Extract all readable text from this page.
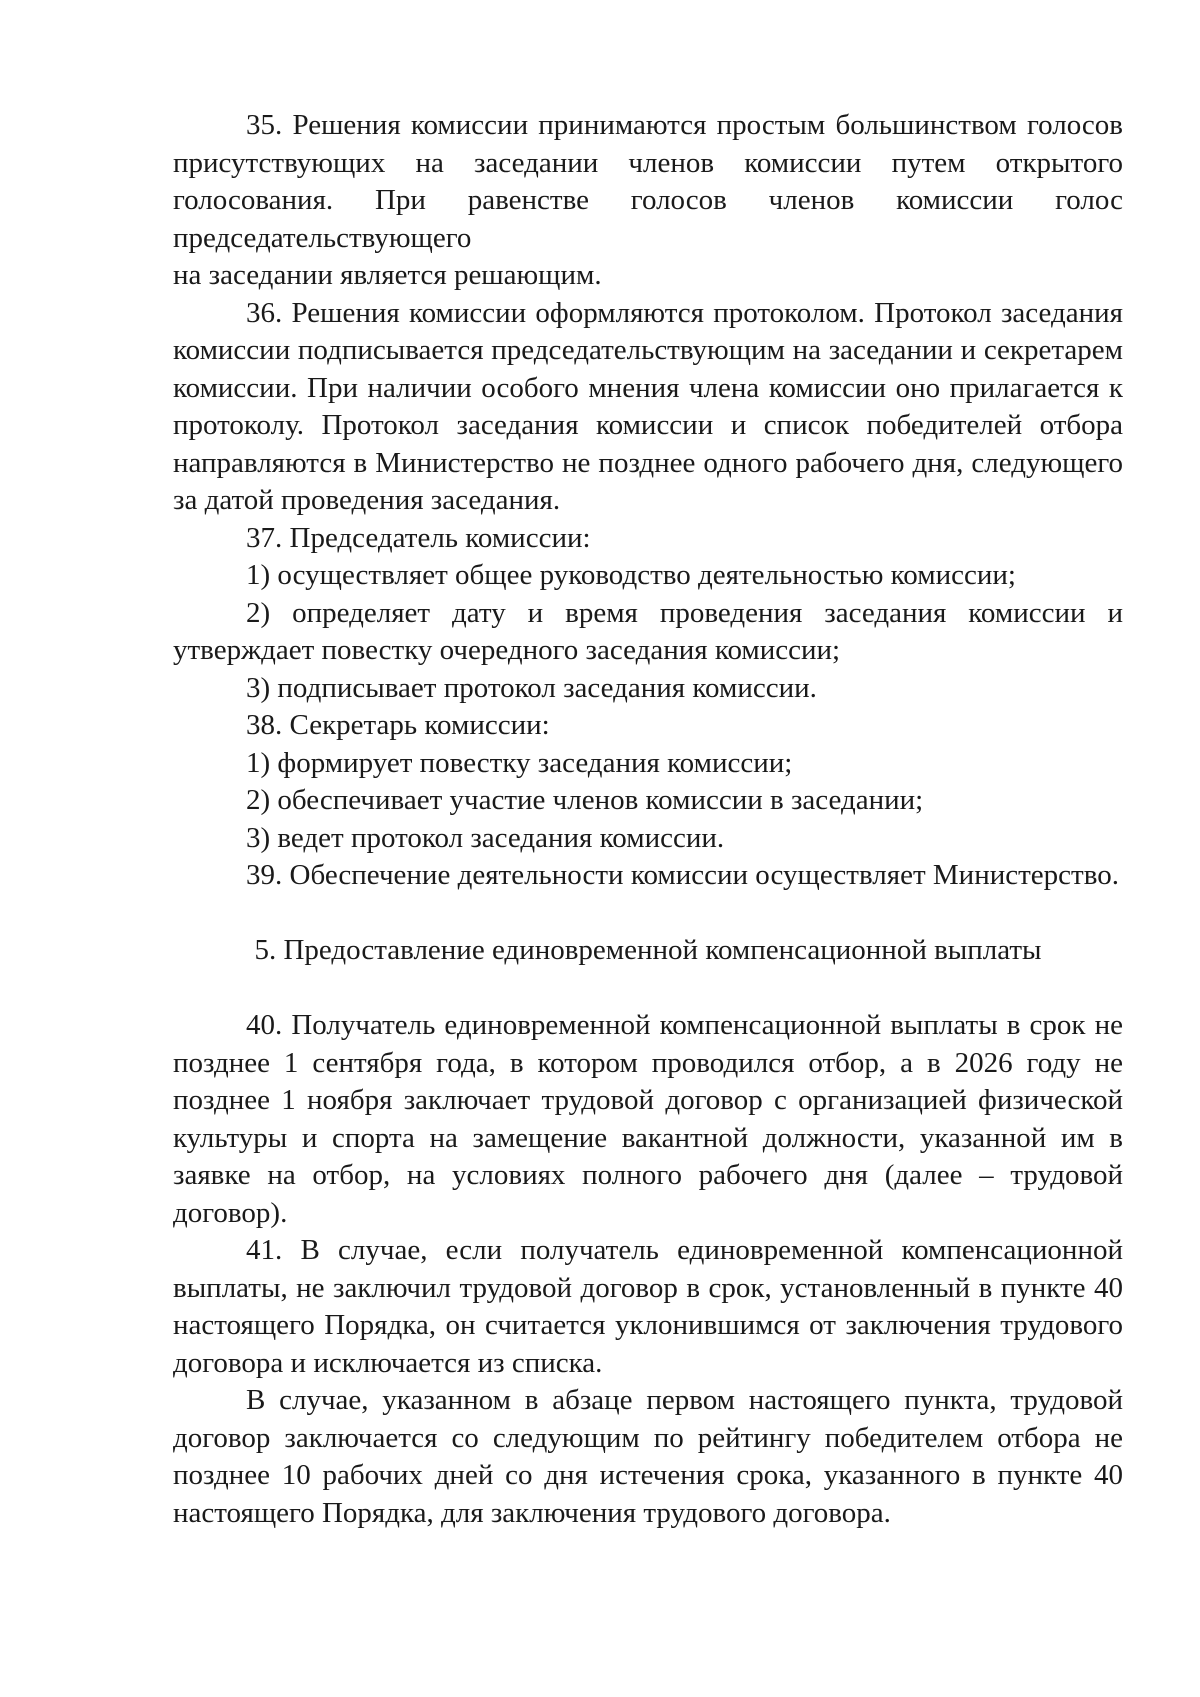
35. Решения комиссии принимаются простым большинством голосов присутствующих на заседании членов комиссии путем открытого голосования. При равенстве голосов членов комиссии голос председательствующего

на заседании является решающим.

36. Решения комиссии оформляются протоколом. Протокол заседания комиссии подписывается председательствующим на заседании и секретарем комиссии. При наличии особого мнения члена комиссии оно прилагается к протоколу. Протокол заседания комиссии и список победителей отбора направляются в Министерство не позднее одного рабочего дня, следующего за датой проведения заседания.

37. Председатель комиссии:

1) осуществляет общее руководство деятельностью комиссии;

2) определяет дату и время проведения заседания комиссии и утверждает повестку очередного заседания комиссии;

3) подписывает протокол заседания комиссии.

38. Секретарь комиссии:

1) формирует повестку заседания комиссии;

2) обеспечивает участие членов комиссии в заседании;

3) ведет протокол заседания комиссии.

39. Обеспечение деятельности комиссии осуществляет Министерство.

5. Предоставление единовременной компенсационной выплаты

40. Получатель единовременной компенсационной выплаты в срок не позднее 1 сентября года, в котором проводился отбор, а в 2026 году не позднее 1 ноября заключает трудовой договор с организацией физической культуры и спорта на замещение вакантной должности, указанной им в заявке на отбор, на условиях полного рабочего дня (далее – трудовой договор).

41. В случае, если получатель единовременной компенсационной выплаты, не заключил трудовой договор в срок, установленный в пункте 40 настоящего Порядка, он считается уклонившимся от заключения трудового договора и исключается из списка.

В случае, указанном в абзаце первом настоящего пункта, трудовой договор заключается со следующим по рейтингу победителем отбора не позднее 10 рабочих дней со дня истечения срока, указанного в пункте 40 настоящего Порядка, для заключения трудового договора.
